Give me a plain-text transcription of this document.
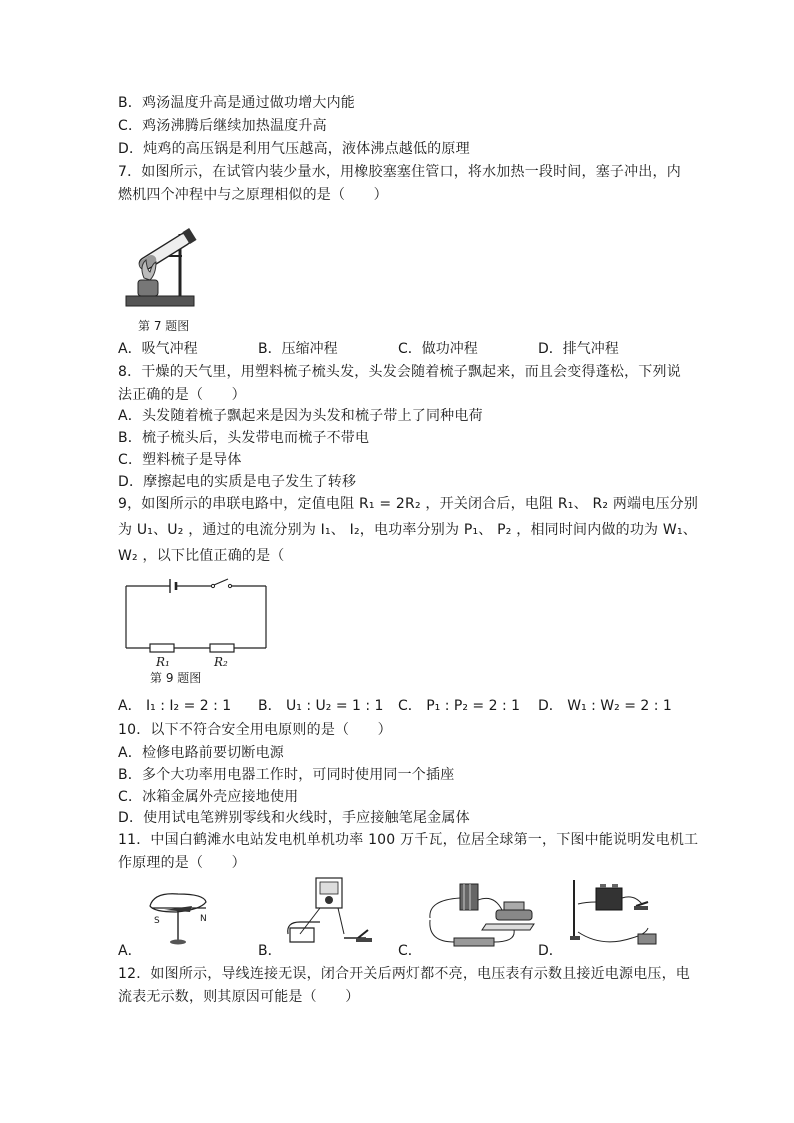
B．鸡汤温度升高是通过做功增大内能
C．鸡汤沸腾后继续加热温度升高
D．炖鸡的高压锅是利用气压越高，液体沸点越低的原理
7．如图所示，在试管内装少量水，用橡胶塞塞住管口，将水加热一段时间，塞子冲出，内
燃机四个冲程中与之原理相似的是（　　）
第 7 题图
A．吸气冲程	B．压缩冲程	C．做功冲程	D．排气冲程
8．干燥的天气里，用塑料梳子梳头发，头发会随着梳子飘起来，而且会变得蓬松，下列说
法正确的是（　　）
A．头发随着梳子飘起来是因为头发和梳子带上了同种电荷
B．梳子梳头后，头发带电而梳子不带电
C．塑料梳子是导体
D．摩擦起电的实质是电子发生了转移
9，如图所示的串联电路中，定值电阻 R₁ = 2R₂ ，开关闭合后，电阻 R₁、 R₂ 两端电压分别
为 U₁、U₂ ，通过的电流分别为 I₁、 I₂，电功率分别为 P₁、 P₂ ，相同时间内做的功为 W₁、
W₂ ，以下比值正确的是（
R₁	R₂
第 9 题图
A． I₁ : I₂ = 2 : 1 B． U₁ : U₂ = 1 : 1 C． P₁ : P₂ = 2 : 1 D． W₁ : W₂ = 2 : 1
10．以下不符合安全用电原则的是（　　）
A．检修电路前要切断电源
B．多个大功率用电器工作时，可同时使用同一个插座
C．冰箱金属外壳应接地使用
D．使用试电笔辨别零线和火线时，手应接触笔尾金属体
11．中国白鹤滩水电站发电机单机功率 100 万千瓦，位居全球第一，下图中能说明发电机工
作原理的是（　　）
S	N
A．	B．	C．	D．
12．如图所示，导线连接无误，闭合开关后两灯都不亮，电压表有示数且接近电源电压，电
流表无示数，则其原因可能是（　　）
